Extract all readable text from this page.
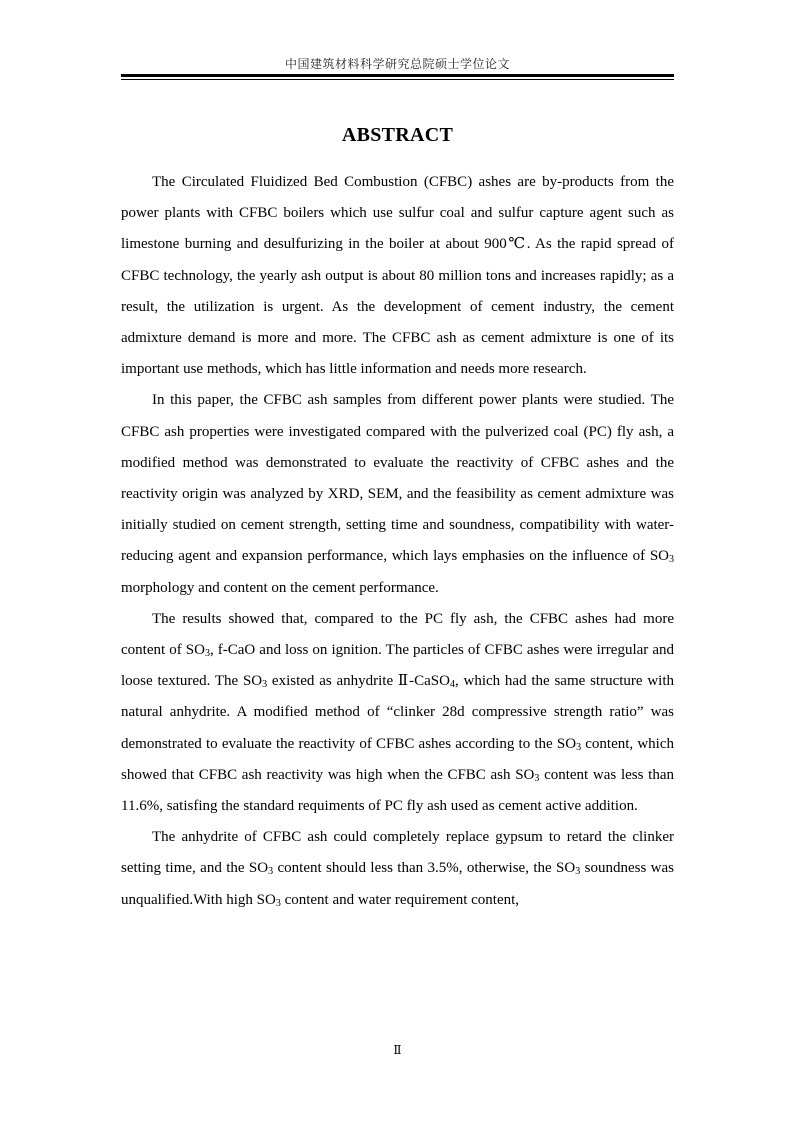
中国建筑材料科学研究总院硕士学位论文
ABSTRACT

The Circulated Fluidized Bed Combustion (CFBC) ashes are by-products from the power plants with CFBC boilers which use sulfur coal and sulfur capture agent such as limestone burning and desulfurizing in the boiler at about 900℃. As the rapid spread of CFBC technology, the yearly ash output is about 80 million tons and increases rapidly; as a result, the utilization is urgent. As the development of cement industry, the cement admixture demand is more and more. The CFBC ash as cement admixture is one of its important use methods, which has little information and needs more research.

In this paper, the CFBC ash samples from different power plants were studied. The CFBC ash properties were investigated compared with the pulverized coal (PC) fly ash, a modified method was demonstrated to evaluate the reactivity of CFBC ashes and the reactivity origin was analyzed by XRD, SEM, and the feasibility as cement admixture was initially studied on cement strength, setting time and soundness, compatibility with water-reducing agent and expansion performance, which lays emphasies on the influence of $SO_3$ morphology and content on the cement performance.

The results showed that, compared to the PC fly ash, the CFBC ashes had more content of $SO_3$, f-CaO and loss on ignition. The particles of CFBC ashes were irregular and loose textured. The $SO_3$ existed as anhydrite Ⅱ-CaSO$_4$, which had the same structure with natural anhydrite. A modified method of “clinker 28d compressive strength ratio” was demonstrated to evaluate the reactivity of CFBC ashes according to the $SO_3$ content, which showed that CFBC ash reactivity was high when the CFBC ash $SO_3$ content was less than 11.6%, satisfing the standard requiments of PC fly ash used as cement active addition.

The anhydrite of CFBC ash could completely replace gypsum to retard the clinker setting time, and the $SO_3$ content should less than 3.5%, otherwise, the $SO_3$ soundness was unqualified.With high $SO_3$ content and water requirement content,

Ⅱ
